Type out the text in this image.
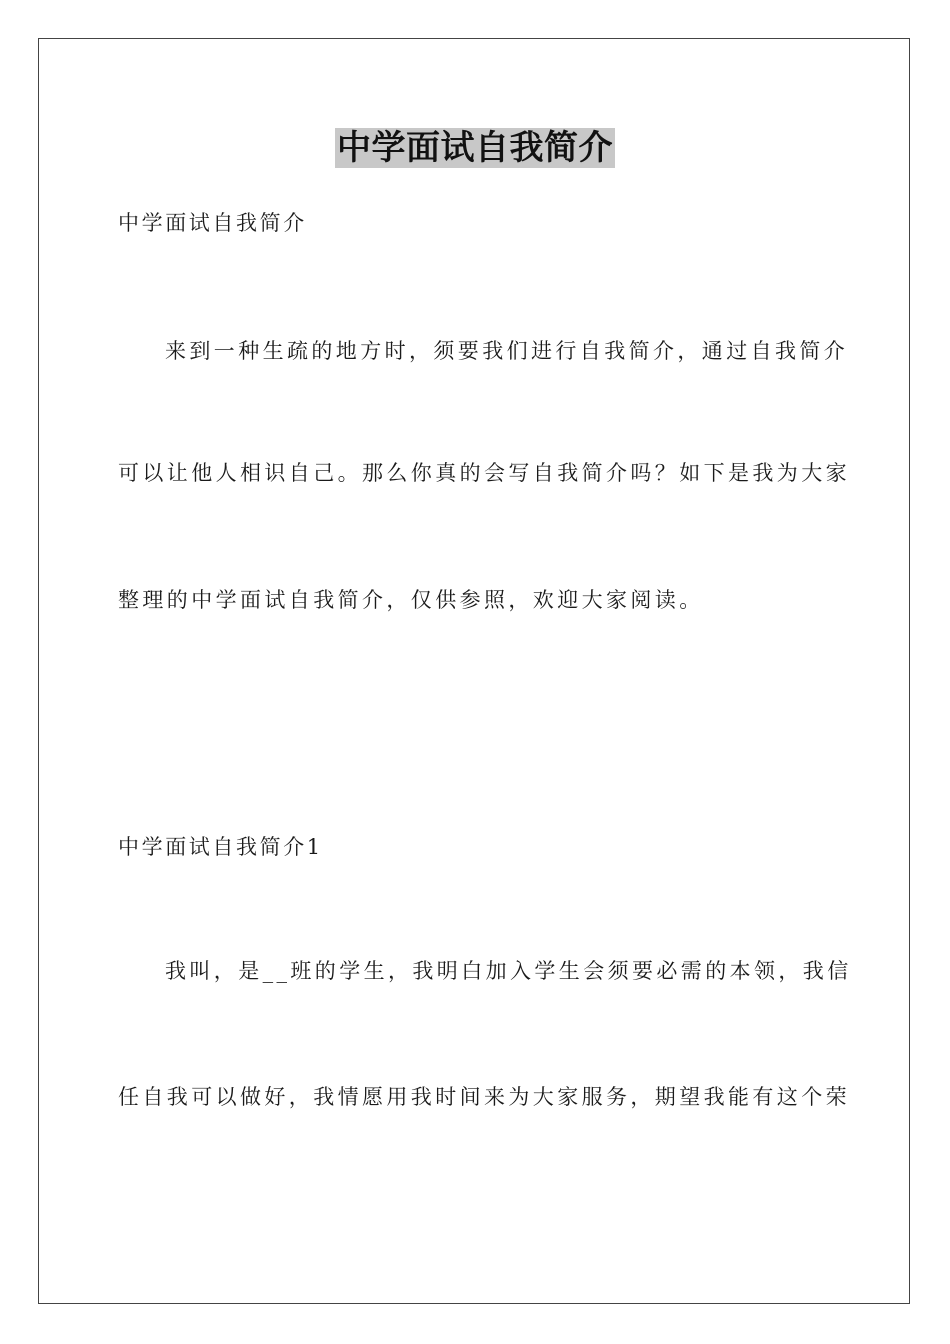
中学面试自我简介
中学面试自我简介
来到一种生疏的地方时，须要我们进行自我简介，通过自我简介
可以让他人相识自己。那么你真的会写自我简介吗？如下是我为大家
整理的中学面试自我简介，仅供参照，欢迎大家阅读。
中学面试自我简介1
我叫，是__班的学生，我明白加入学生会须要必需的本领，我信
任自我可以做好，我情愿用我时间来为大家服务，期望我能有这个荣
